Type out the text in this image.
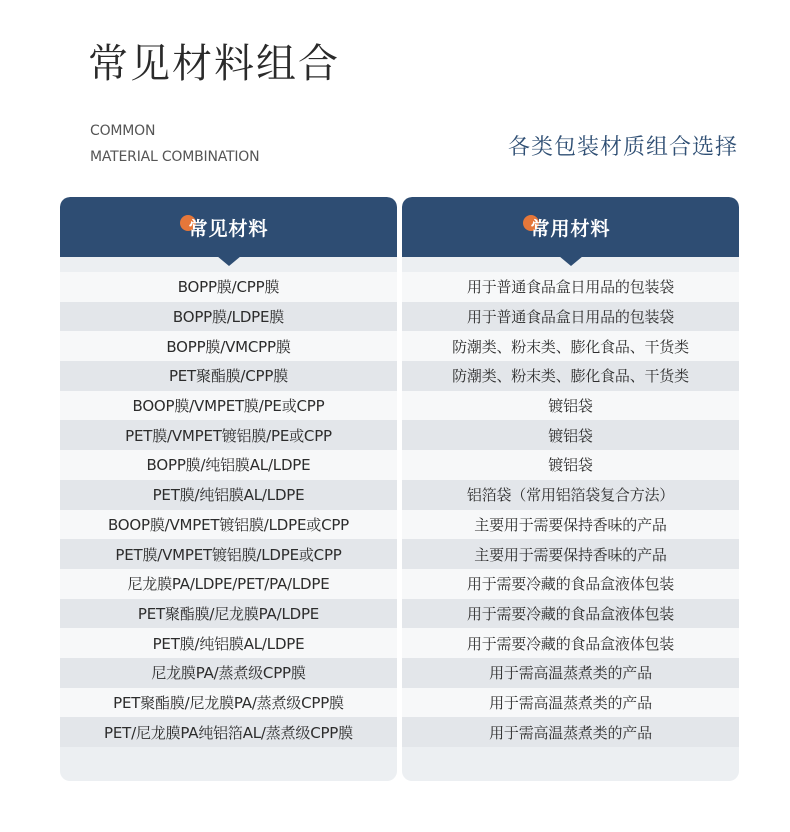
常见材料组合
COMMON
MATERIAL COMBINATION	各类包装材质组合选择
常见材料
BOPP膜/CPP膜
BOPP膜/LDPE膜
BOPP膜/VMCPP膜
PET聚酯膜/CPP膜
BOOP膜/VMPET膜/PE或CPP
PET膜/VMPET镀铝膜/PE或CPP
BOPP膜/纯铝膜AL/LDPE
PET膜/纯铝膜AL/LDPE
BOOP膜/VMPET镀铝膜/LDPE或CPP
PET膜/VMPET镀铝膜/LDPE或CPP
尼龙膜PA/LDPE/PET/PA/LDPE
PET聚酯膜/尼龙膜PA/LDPE
PET膜/纯铝膜AL/LDPE
尼龙膜PA/蒸煮级CPP膜
PET聚酯膜/尼龙膜PA/蒸煮级CPP膜
PET/尼龙膜PA纯铝箔AL/蒸煮级CPP膜
常用材料
用于普通食品盒日用品的包装袋
用于普通食品盒日用品的包装袋
防潮类、粉末类、膨化食品、干货类
防潮类、粉末类、膨化食品、干货类
镀铝袋
镀铝袋
镀铝袋
铝箔袋（常用铝箔袋复合方法）
主要用于需要保持香味的产品
主要用于需要保持香味的产品
用于需要冷藏的食品盒液体包装
用于需要冷藏的食品盒液体包装
用于需要冷藏的食品盒液体包装
用于需高温蒸煮类的产品
用于需高温蒸煮类的产品
用于需高温蒸煮类的产品
